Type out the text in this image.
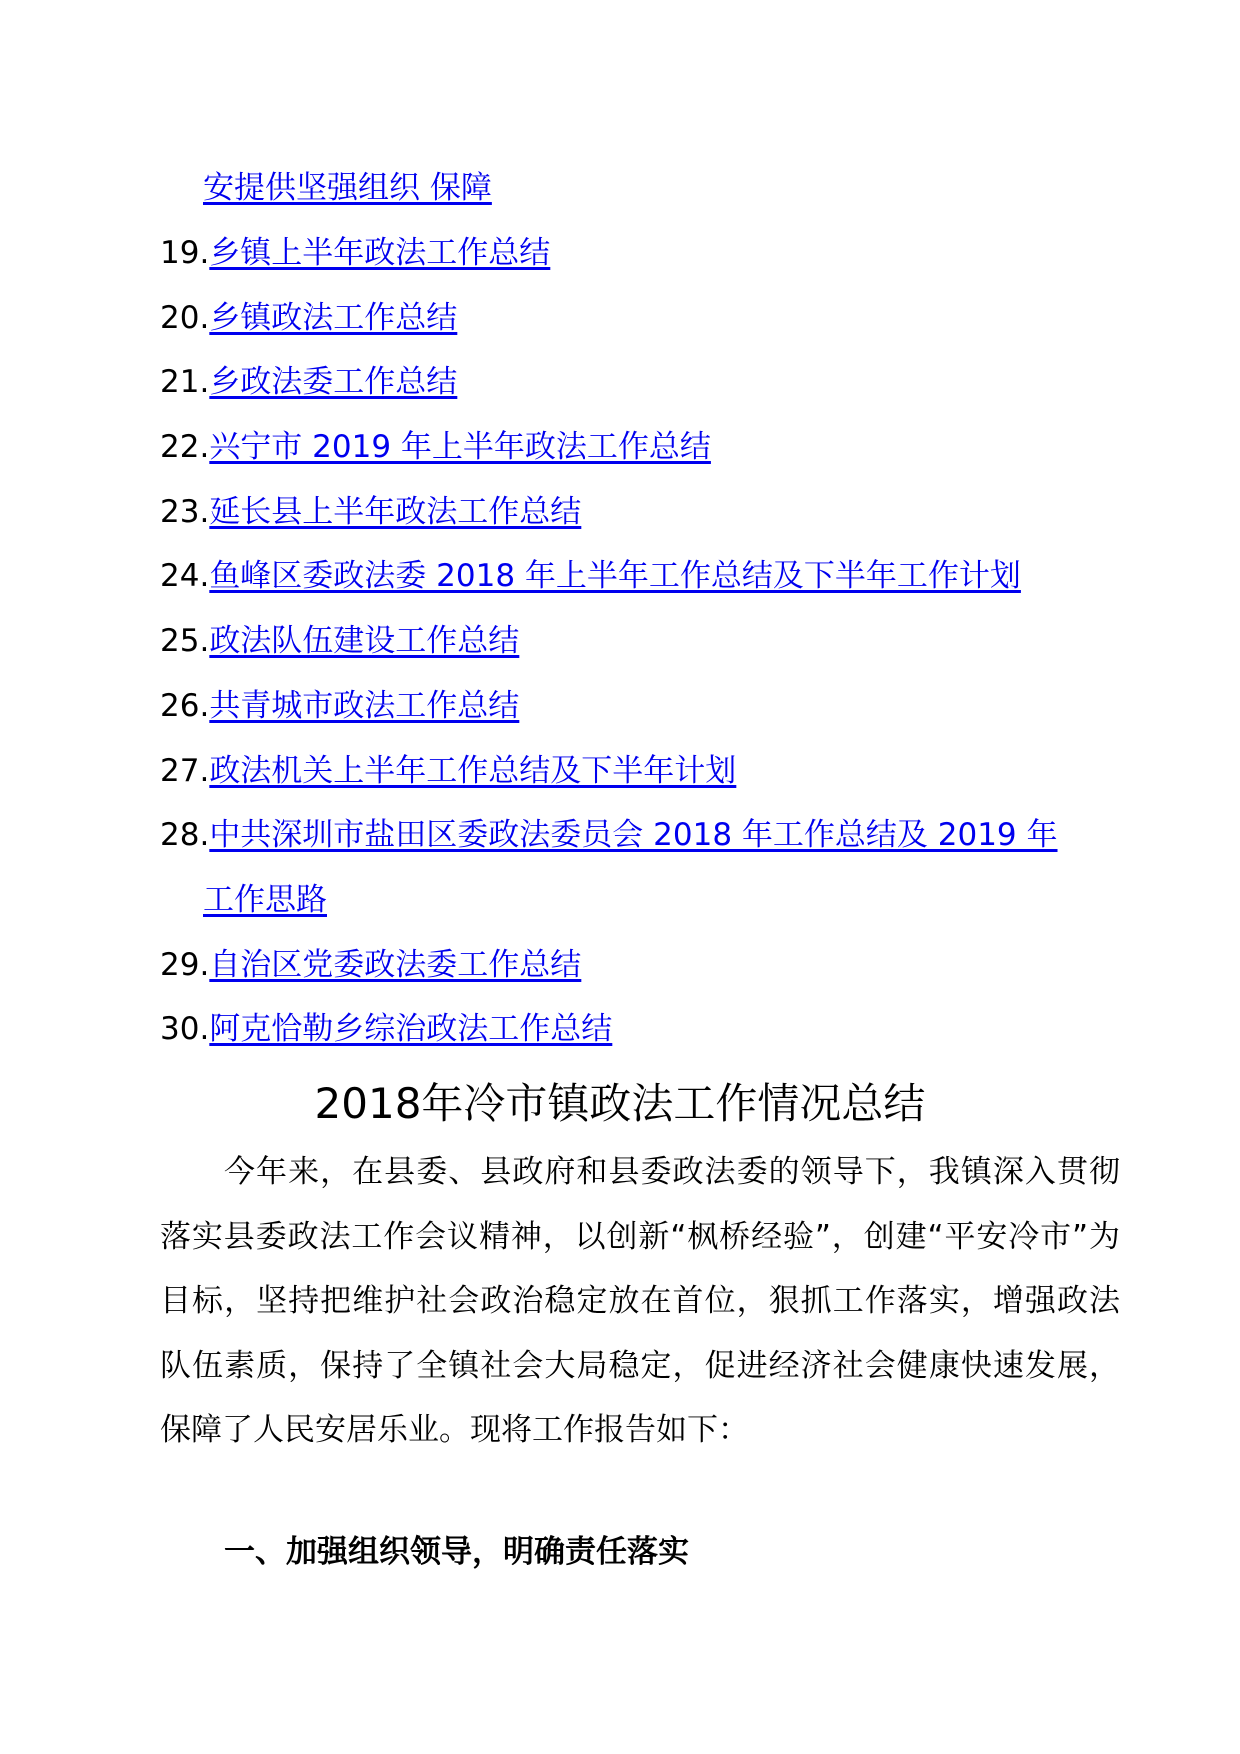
安提供坚强组织 保障
19.乡镇上半年政法工作总结
20.乡镇政法工作总结
21.乡政法委工作总结
22.兴宁市 2019 年上半年政法工作总结
23.延长县上半年政法工作总结
24.鱼峰区委政法委 2018 年上半年工作总结及下半年工作计划
25.政法队伍建设工作总结
26.共青城市政法工作总结
27.政法机关上半年工作总结及下半年计划
28.中共深圳市盐田区委政法委员会 2018 年工作总结及 2019 年
工作思路
29.自治区党委政法委工作总结
30.阿克恰勒乡综治政法工作总结
2018年冷市镇政法工作情况总结

今年来，在县委、县政府和县委政法委的领导下，我镇深入贯彻落实县委政法工作会议精神，以创新“枫桥经验”，创建“平安冷市”为目标，坚持把维护社会政治稳定放在首位，狠抓工作落实，增强政法队伍素质，保持了全镇社会大局稳定，促进经济社会健康快速发展，保障了人民安居乐业。现将工作报告如下：

一、加强组织领导，明确责任落实
